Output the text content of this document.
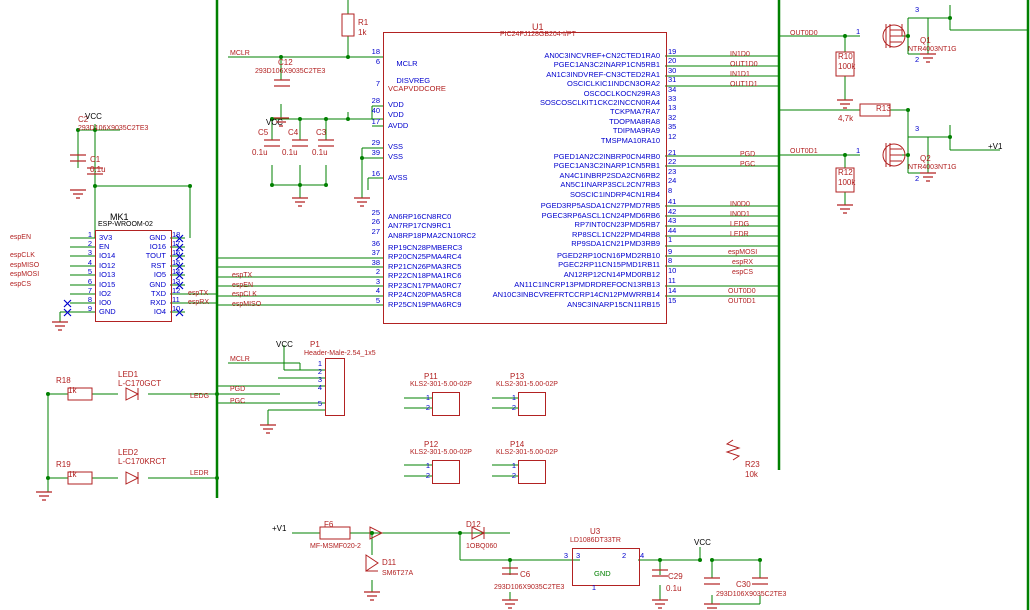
U1
PIC24FJ128GB204-I/PT

MCLR

DISVREG

VCAPVDDCORE
VDD
VDD
AVDD
VSS
VSS
AVSS
AN6RP16CN8RC0
AN7RP17CN9RC1
AN8RP18PMA2CN10RC2
RP19CN28PMBERC3
RP20CN25PMA4RC4
RP21CN26PMA3RC5
RP22CN18PMA1RC6
RP23CN17PMA0RC7
RP24CN20PMA5RC8
RP25CN19PMA6RC9
18
6
7
28
40
17
29
39
16
25
26
27
36
37
38
2
3
4
5
AN0C3INCVREF+CN2CTED1RA0
PGEC1AN3C2INARP1CN5RB1
AN1C3INDVREF-CN3CTED2RA1
OSCICLKIC1INDCN3ORA2
OSCOCLKOCN29RA3
SOSCOSCLKIT1CKC2INCCN0RA4
TCKPMA7RA7
TDOPMA8RA8
TDIPMA9RA9
TMSPMA10RA10
PGED1AN2C2INBRP0CN4RB0
PGEC1AN3C2INARP1CN5RB1
AN4C1INBRP2SDA2CN6RB2
AN5C1INARP3SCL2CN7RB3
SOSCIC1INDRP4CN1RB4
PGED3RP5ASDA1CN27PMD7RB5
PGEC3RP6ASCL1CN24PMD6RB6
RP7INT0CN23PMD5RB7
RP8SCL1CN22PMD4RB8
RP9SDA1CN21PMD3RB9
PGED2RP10CN16PMD2RB10
PGEC2RP11CN15PMD1RB11
AN12RP12CN14PMD0RB12
AN11C1INCRP13PMDRDREFOCN13RB13
AN10C3INBCVREFRTCCRP14CN12PMWRRB14
AN9C3INARP15CN11RB15
19
20
30
31
34
33
13
32
35
12
21
22
23
24
8
41
42
43
44
1
9
8
10
11
14
15
IN1D0
OUT1D0
IN1D1
OUT1D1
PGD
PGC
IN0D0
IN0D1
LEDG
LEDR
espMOSI
espRX
espCS
OUT0D0
OUT0D1
espTX
espEN
espCLK
espMISO
MCLR
MCLR
MK1
ESP-WROOM-02
3V3
EN
IO14
IO12
IO13
IO15
IO2
IO0
GND
GND
IO16
TOUT
RST
IO5
GND
TXD
RXD
IO4
1
2
3
4
5
6
7
8
9
18
17
16
15
14
13
12
11
10
espEN
espCLK
espMISO
espMOSI
espCS
espTX
espRX
R1
1k
C12
293D106X9035C2TE3
C2
293D106X9035C2TE3
C1
0.1u
C5
0.1u
C4
0.1u
C3
0.1u
R10
100k
R13
4,7k
R12
100k
Q1
NTR4003NT1G
Q2
NTR4003NT1G
R18
1k
R19
1k
LED1
L-C170GCT
LED2
L-C170KRCT
LEDG
LEDR
PGD
PGC
R23
10k
VCC
VCC
VCC
VCC
+V1
+V1
OUT0D0
OUT0D1
P1
Header-Male-2.54_1x5
1
2
3
4
5
P11
KLS2-301-5.00-02P
1
2
P12
KLS2-301-5.00-02P
1
2
P13
KLS2-301-5.00-02P
1
2
P14
KLS2-301-5.00-02P
1
2
F6
MF-MSMF020-2
D12
1OBQ060
D11
SM6T27A
U3
LD1086DT33TR
3 3	4
2
GND
1
C6
293D106X9035C2TE3
C29
0.1u	C30
293D106X9035C2TE3
1
1
3
3
2
2
